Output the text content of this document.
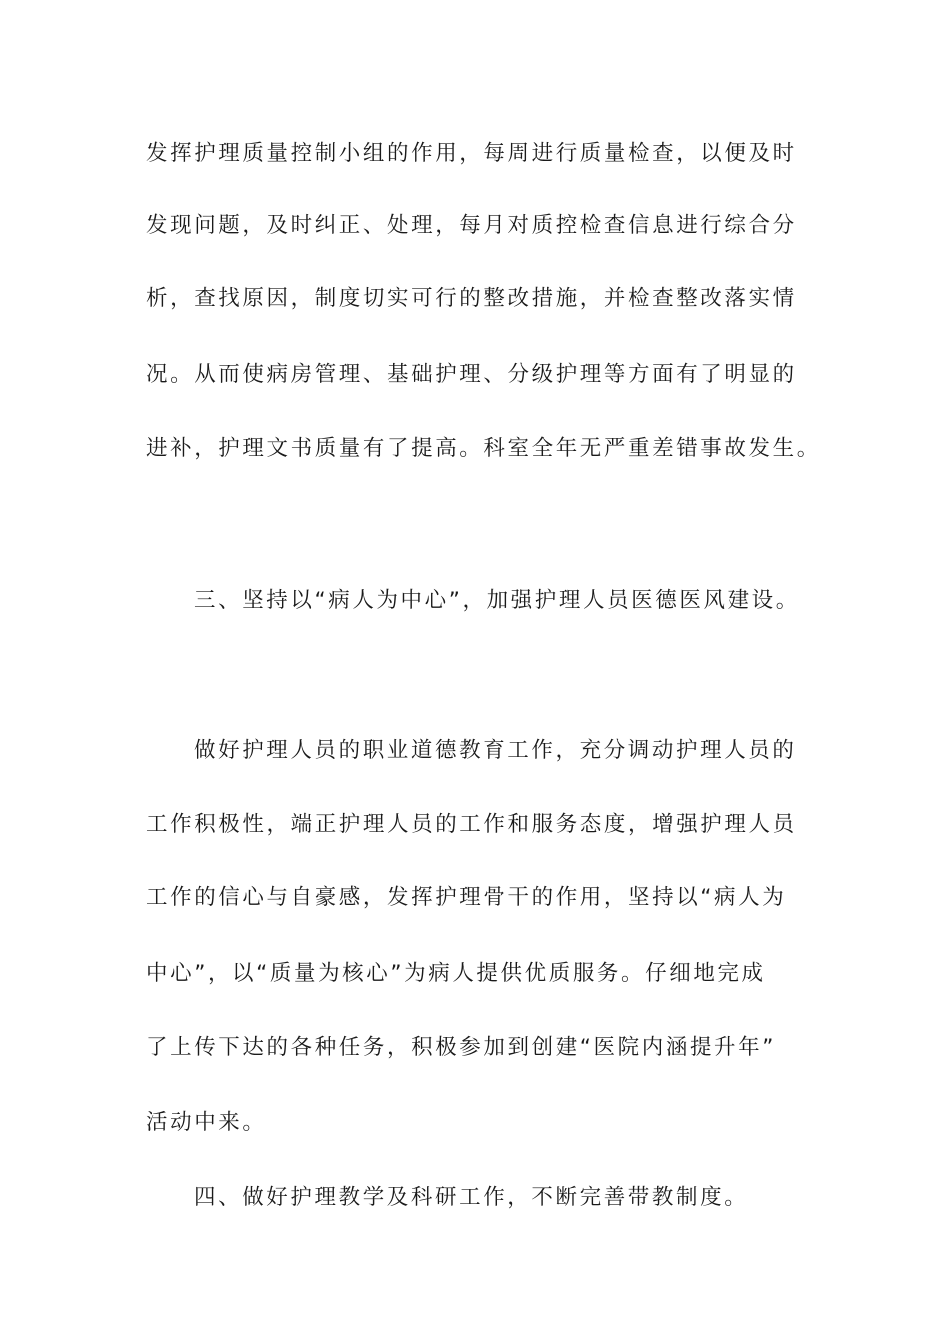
发挥护理质量控制小组的作用，每周进行质量检查，以便及时
发现问题，及时纠正、处理，每月对质控检查信息进行综合分
析，查找原因，制度切实可行的整改措施，并检查整改落实情
况。从而使病房管理、基础护理、分级护理等方面有了明显的
进补，护理文书质量有了提高。科室全年无严重差错事故发生。
三、坚持以“病人为中心”，加强护理人员医德医风建设。
做好护理人员的职业道德教育工作，充分调动护理人员的
工作积极性，端正护理人员的工作和服务态度，增强护理人员
工作的信心与自豪感，发挥护理骨干的作用，坚持以“病人为
中心”，以“质量为核心”为病人提供优质服务。仔细地完成
了上传下达的各种任务，积极参加到创建“医院内涵提升年”
活动中来。
四、做好护理教学及科研工作，不断完善带教制度。
